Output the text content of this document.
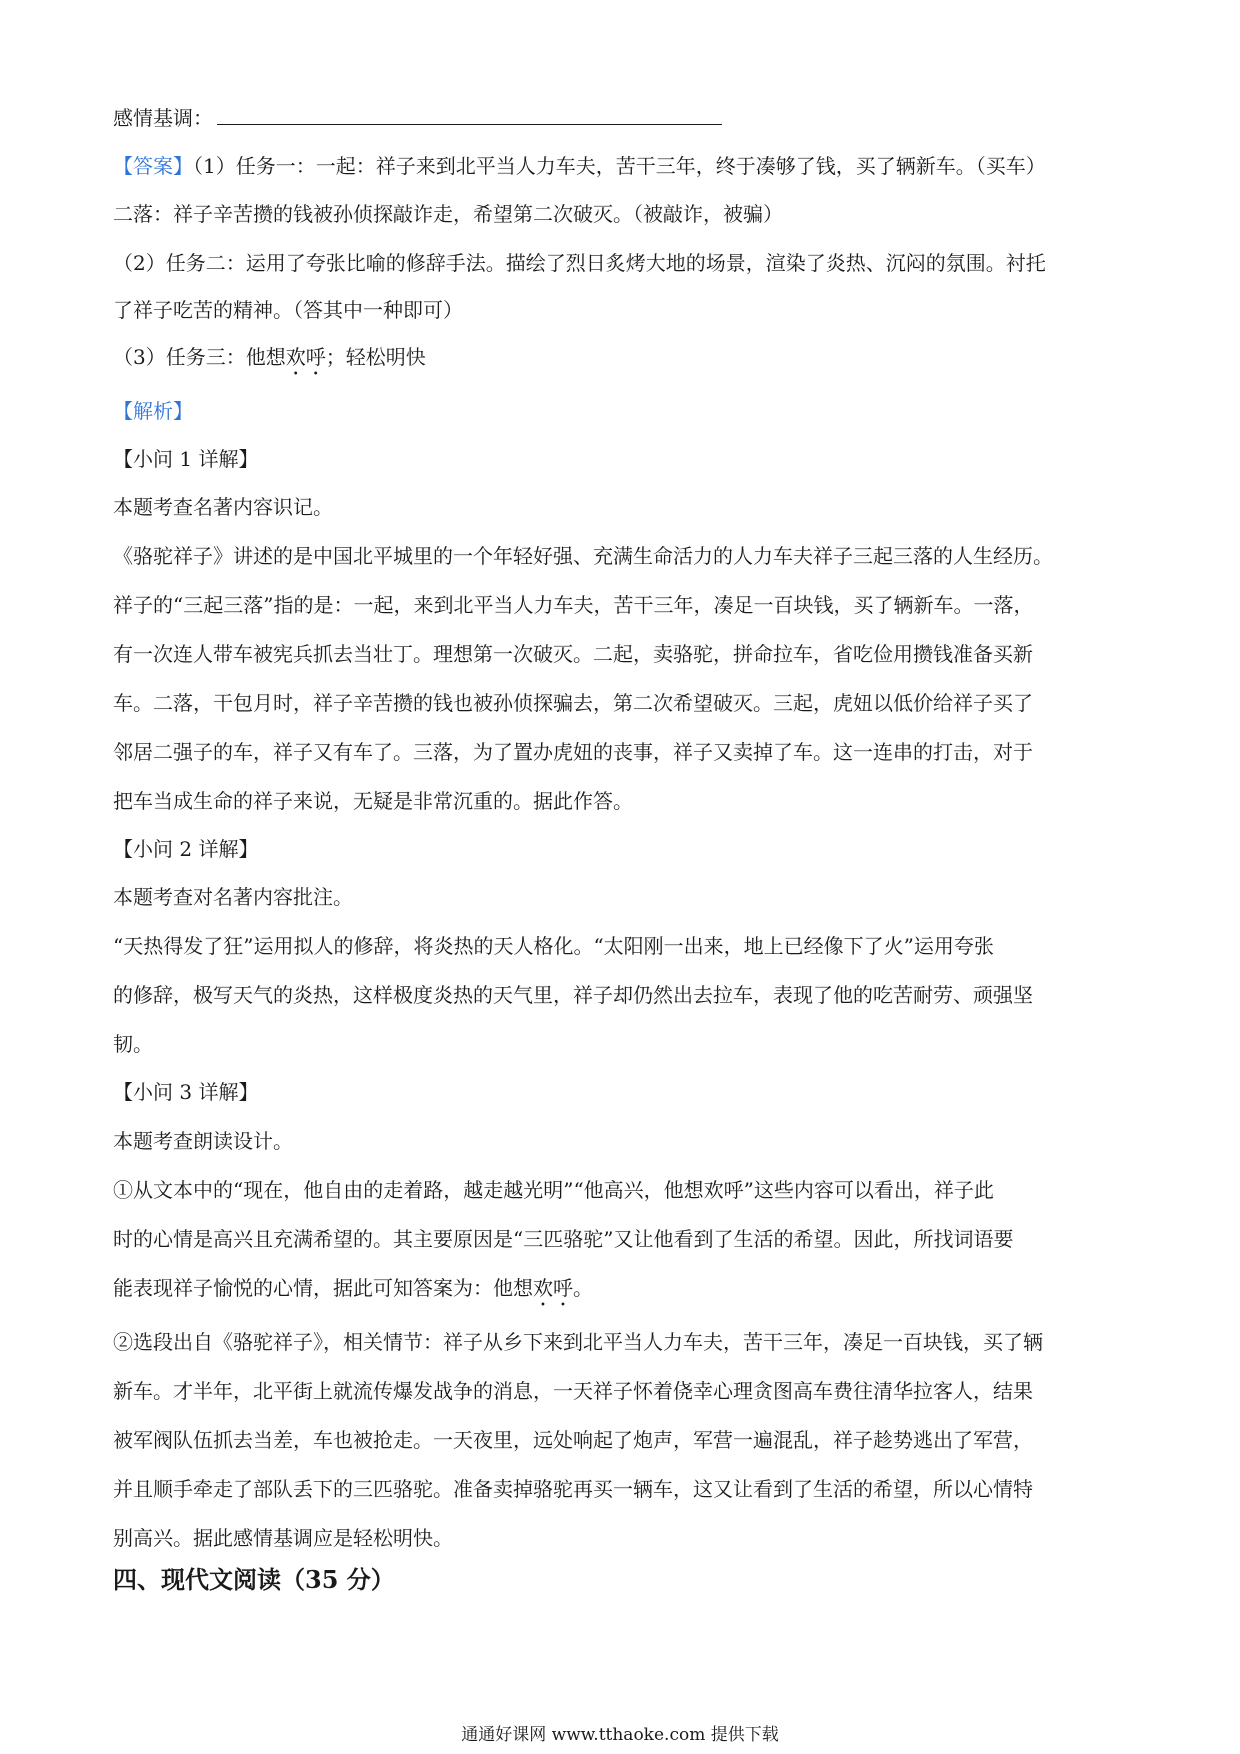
感情基调：
【答案】（1）任务一：一起：祥子来到北平当人力车夫，苦干三年，终于凑够了钱，买了辆新车。（买车）
二落：祥子辛苦攒的钱被孙侦探敲诈走，希望第二次破灭。（被敲诈，被骗）
（2）任务二：运用了夸张比喻的修辞手法。描绘了烈日炙烤大地的场景，渲染了炎热、沉闷的氛围。衬托
了祥子吃苦的精神。（答其中一种即可）
（3）任务三：他想欢呼；轻松明快
【解析】
【小问 1 详解】
本题考查名著内容识记。
《骆驼祥子》讲述的是中国北平城里的一个年轻好强、充满生命活力的人力车夫祥子三起三落的人生经历。
祥子的“三起三落”指的是：一起，来到北平当人力车夫，苦干三年，凑足一百块钱，买了辆新车。一落，
有一次连人带车被宪兵抓去当壮丁。理想第一次破灭。二起，卖骆驼，拼命拉车，省吃俭用攒钱准备买新
车。二落，干包月时，祥子辛苦攒的钱也被孙侦探骗去，第二次希望破灭。三起，虎妞以低价给祥子买了
邻居二强子的车，祥子又有车了。三落，为了置办虎妞的丧事，祥子又卖掉了车。这一连串的打击，对于
把车当成生命的祥子来说，无疑是非常沉重的。据此作答。
【小问 2 详解】
本题考查对名著内容批注。
“天热得发了狂”运用拟人的修辞，将炎热的天人格化。“太阳刚一出来，地上已经像下了火”运用夸张
的修辞，极写天气的炎热，这样极度炎热的天气里，祥子却仍然出去拉车，表现了他的吃苦耐劳、顽强坚
韧。
【小问 3 详解】
本题考查朗读设计。
①从文本中的“现在，他自由的走着路，越走越光明”“他高兴，他想欢呼”这些内容可以看出，祥子此
时的心情是高兴且充满希望的。其主要原因是“三匹骆驼”又让他看到了生活的希望。因此，所找词语要
能表现祥子愉悦的心情，据此可知答案为：他想欢呼。
②选段出自《骆驼祥子》，相关情节：祥子从乡下来到北平当人力车夫，苦干三年，凑足一百块钱，买了辆
新车。才半年，北平街上就流传爆发战争的消息，一天祥子怀着侥幸心理贪图高车费往清华拉客人，结果
被军阀队伍抓去当差，车也被抢走。一天夜里，远处响起了炮声，军营一遍混乱，祥子趁势逃出了军营，
并且顺手牵走了部队丢下的三匹骆驼。准备卖掉骆驼再买一辆车，这又让看到了生活的希望，所以心情特
别高兴。据此感情基调应是轻松明快。
四、现代文阅读（35 分）
通通好课网 www.tthaoke.com 提供下载
